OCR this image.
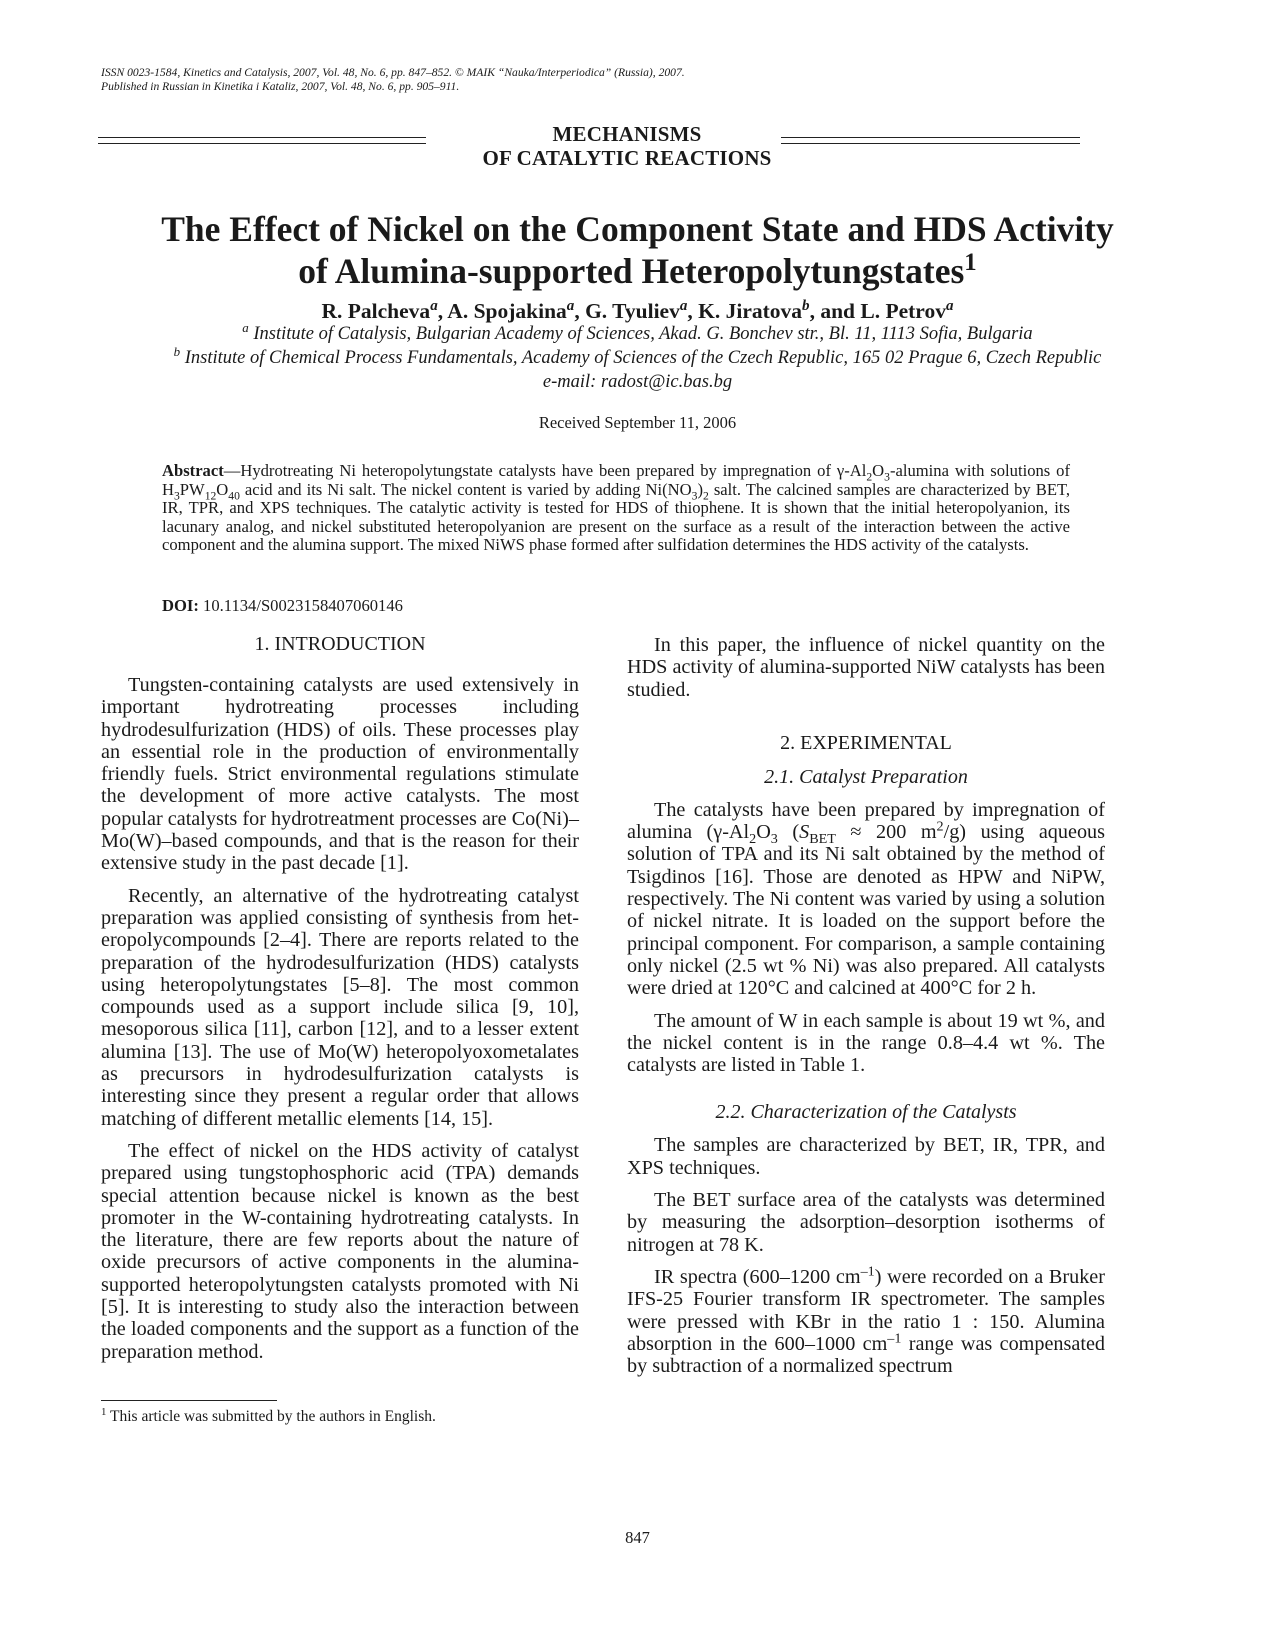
ISSN 0023-1584, Kinetics and Catalysis, 2007, Vol. 48, No. 6, pp. 847–852. © MAIK “Nauka/Interperiodica” (Russia), 2007.
Published in Russian in Kinetika i Kataliz, 2007, Vol. 48, No. 6, pp. 905–911.
MECHANISMS
OF CATALYTIC REACTIONS
The Effect of Nickel on the Component State and HDS Activity
of Alumina-supported Heteropolytungstates$^1$
R. Palcheva$^a$, A. Spojakina$^a$, G. Tyuliev$^a$, K. Jiratova$^b$, and L. Petrov$^a$
$^a$ Institute of Catalysis, Bulgarian Academy of Sciences, Akad. G. Bonchev str., Bl. 11, 1113 Sofia, Bulgaria
$^b$ Institute of Chemical Process Fundamentals, Academy of Sciences of the Czech Republic, 165 02 Prague 6, Czech Republic
e-mail: radost@ic.bas.bg
Received September 11, 2006
Abstract—Hydrotreating Ni heteropolytungstate catalysts have been prepared by impregnation of $\gamma-Al_2O_3$-alumina with solutions of $H_3PW_{12}O_{40}$ acid and its Ni salt. The nickel content is varied by adding $Ni(NO_3)_2$ salt. The calcined samples are characterized by BET, IR, TPR, and XPS techniques. The catalytic activity is tested for HDS of thiophene. It is shown that the initial heteropolyanion, its lacunary analog, and nickel substituted heteropolyanion are present on the surface as a result of the interaction between the active component and the alumina support. The mixed NiWS phase formed after sulfidation determines the HDS activity of the catalysts.
DOI: 10.1134/S0023158407060146
1. INTRODUCTION

Tungsten-containing catalysts are used extensively in important hydrotreating processes including hydrodesulfurization (HDS) of oils. These processes play an essential role in the production of environmentally friendly fuels. Strict environmental regulations stimulate the development of more active catalysts. The most popular catalysts for hydrotreatment processes are Co(Ni)–Mo(W)–based compounds, and that is the reason for their extensive study in the past decade [1].

Recently, an alternative of the hydrotreating catalyst preparation was applied consisting of synthesis from heteropolycompounds [2–4]. There are reports related to the preparation of the hydrodesulfurization (HDS) catalysts using heteropolytungstates [5–8]. The most common compounds used as a support include silica [9, 10], mesoporous silica [11], carbon [12], and to a lesser extent alumina [13]. The use of Mo(W) heteropolyoxometalates as precursors in hydrodesulfurization catalysts is interesting since they present a regular order that allows matching of different metallic elements [14, 15].

The effect of nickel on the HDS activity of catalyst prepared using tungstophosphoric acid (TPA) demands special attention because nickel is known as the best promoter in the W-containing hydrotreating catalysts. In the literature, there are few reports about the nature of oxide precursors of active components in the alumina-supported heteropolytungsten catalysts promoted with Ni [5]. It is interesting to study also the interaction between the loaded components and the support as a function of the preparation method.

In this paper, the influence of nickel quantity on the HDS activity of alumina-supported NiW catalysts has been studied.

2. EXPERIMENTAL
2.1. Catalyst Preparation

The catalysts have been prepared by impregnation of alumina ($\gamma-Al_2O_3$ ($S_{BET} \approx 200$ $m^2/g$) using aqueous solution of TPA and its Ni salt obtained by the method of Tsigdinos [16]. Those are denoted as HPW and NiPW, respectively. The Ni content was varied by using a solution of nickel nitrate. It is loaded on the support before the principal component. For comparison, a sample containing only nickel (2.5 wt % Ni) was also prepared. All catalysts were dried at 120°C and calcined at 400°C for 2 h.

The amount of W in each sample is about 19 wt %, and the nickel content is in the range 0.8–4.4 wt %. The catalysts are listed in Table 1.

2.2. Characterization of the Catalysts

The samples are characterized by BET, IR, TPR, and XPS techniques.

The BET surface area of the catalysts was determined by measuring the adsorption–desorption isotherms of nitrogen at 78 K.

IR spectra (600–1200 $cm^{-1}$) were recorded on a Bruker IFS-25 Fourier transform IR spectrometer. The samples were pressed with KBr in the ratio 1 : 150. Alumina absorption in the 600–1000 $cm^{-1}$ range was compensated by subtraction of a normalized spectrum

$^1$ This article was submitted by the authors in English.
847
